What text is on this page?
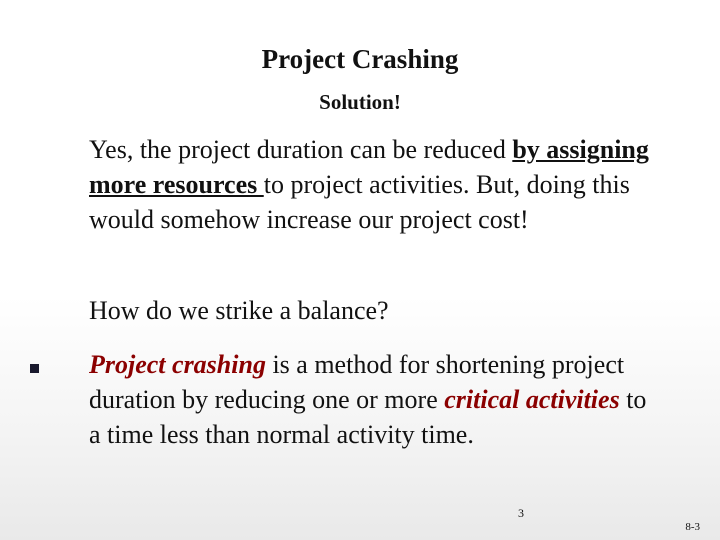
Project Crashing
Solution!
Yes, the project duration can be reduced by assigning more resources to project activities. But, doing this would somehow increase our project cost!
How do we strike a balance?
Project crashing is a method for shortening project duration by reducing one or more critical activities to a time less than normal activity time.
3
8-3
